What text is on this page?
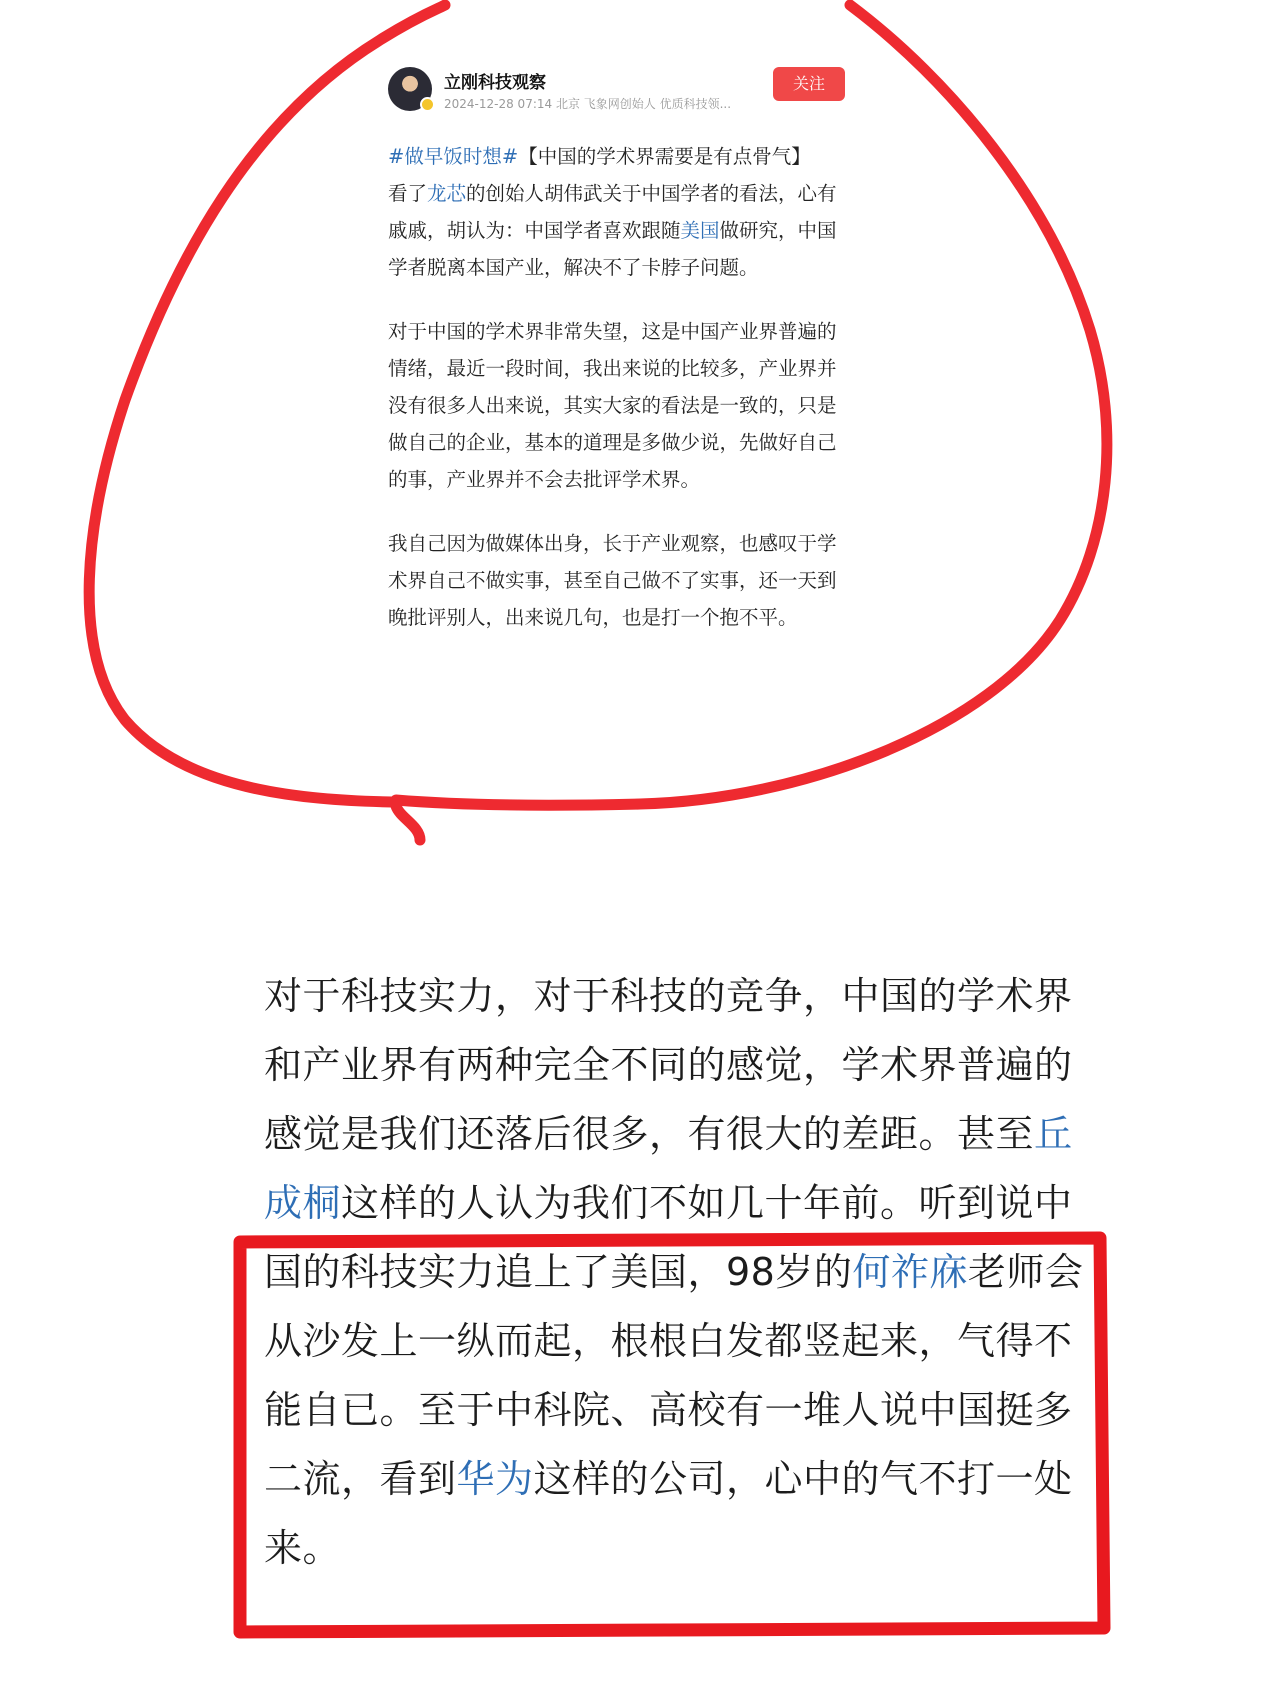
立刚科技观察
2024-12-28 07:14 北京 飞象网创始人 优质科技领...
关注

#做早饭时想#【中国的学术界需要是有点骨气】
看了龙芯的创始人胡伟武关于中国学者的看法，心有戚戚，胡认为：中国学者喜欢跟随美国做研究，中国学者脱离本国产业，解决不了卡脖子问题。

对于中国的学术界非常失望，这是中国产业界普遍的情绪，最近一段时间，我出来说的比较多，产业界并没有很多人出来说，其实大家的看法是一致的，只是做自己的企业，基本的道理是多做少说，先做好自己的事，产业界并不会去批评学术界。

我自己因为做媒体出身，长于产业观察，也感叹于学术界自己不做实事，甚至自己做不了实事，还一天到晚批评别人，出来说几句，也是打一个抱不平。

对于科技实力，对于科技的竞争，中国的学术界和产业界有两种完全不同的感觉，学术界普遍的感觉是我们还落后很多，有很大的差距。甚至丘成桐这样的人认为我们不如几十年前。听到说中国的科技实力追上了美国，98岁的何祚庥老师会从沙发上一纵而起，根根白发都竖起来，气得不能自已。至于中科院、高校有一堆人说中国挺多二流，看到华为这样的公司，心中的气不打一处来。
